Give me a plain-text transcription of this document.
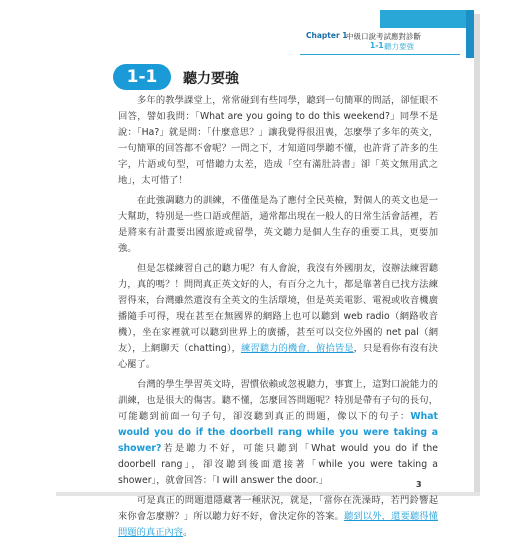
Chapter 1
中級口說考試應對診斷
1-1 聽力要強
1-1	聽力要強

多年的教學課堂上，常常碰到有些同學，聽到一句簡單的問話，卻怔眼不回答，譬如我問：「What are you going to do this weekend?」同學不是說：「Ha?」就是問：「什麼意思？」讓我覺得很沮喪，怎麼學了多年的英文，一句簡單的回答都不會呢？一問之下，才知道同學聽不懂，也許背了許多的生字，片語或句型，可惜聽力太差，造成「空有滿肚詩書」卻「英文無用武之地」，太可惜了！

在此強調聽力的訓練，不僅僅是為了應付全民英檢，對個人的英文也是一大幫助，特別是一些口語或俚語，通常都出現在一般人的日常生活會話裡，若是將來有計畫要出國旅遊或留學，英文聽力是個人生存的重要工具，更要加強。

但是怎樣練習自己的聽力呢？有人會說，我沒有外國朋友，沒辦法練習聽力，真的嗎？！問問真正英文好的人，有百分之九十，都是靠著自已找方法練習得來，台灣雖然還沒有全英文的生活環境，但是英美電影、電視或收音機廣播隨手可得，現在甚至在無國界的網路上也可以聽到 web radio（網路收音機），坐在家裡就可以聽到世界上的廣播，甚至可以交位外國的 net pal（網友），上網聊天（chatting），練習聽力的機會，俯拾皆是，只是看你有沒有決心罷了。

台灣的學生學習英文時，習慣依賴或忽視聽力，事實上，這對口說能力的訓練，也是很大的傷害。聽不懂，怎麼回答問題呢？特別是帶有子句的長句，可能聽到前面一句子句，卻沒聽到真正的問題，像以下的句子：What would you do if the doorbell rang while you were taking a shower?若是聽力不好，可能只聽到「What would you do if the doorbell rang」，卻沒聽到後面還接著「while you were taking a shower」，就會回答：「I will answer the door.」

可是真正的問題還隱藏著一種狀況，就是，「當你在洗澡時，若門鈴響起來你會怎麼辦？」所以聽力好不好，會決定你的答案。聽到以外，還要聽得懂問題的真正內容。

3
